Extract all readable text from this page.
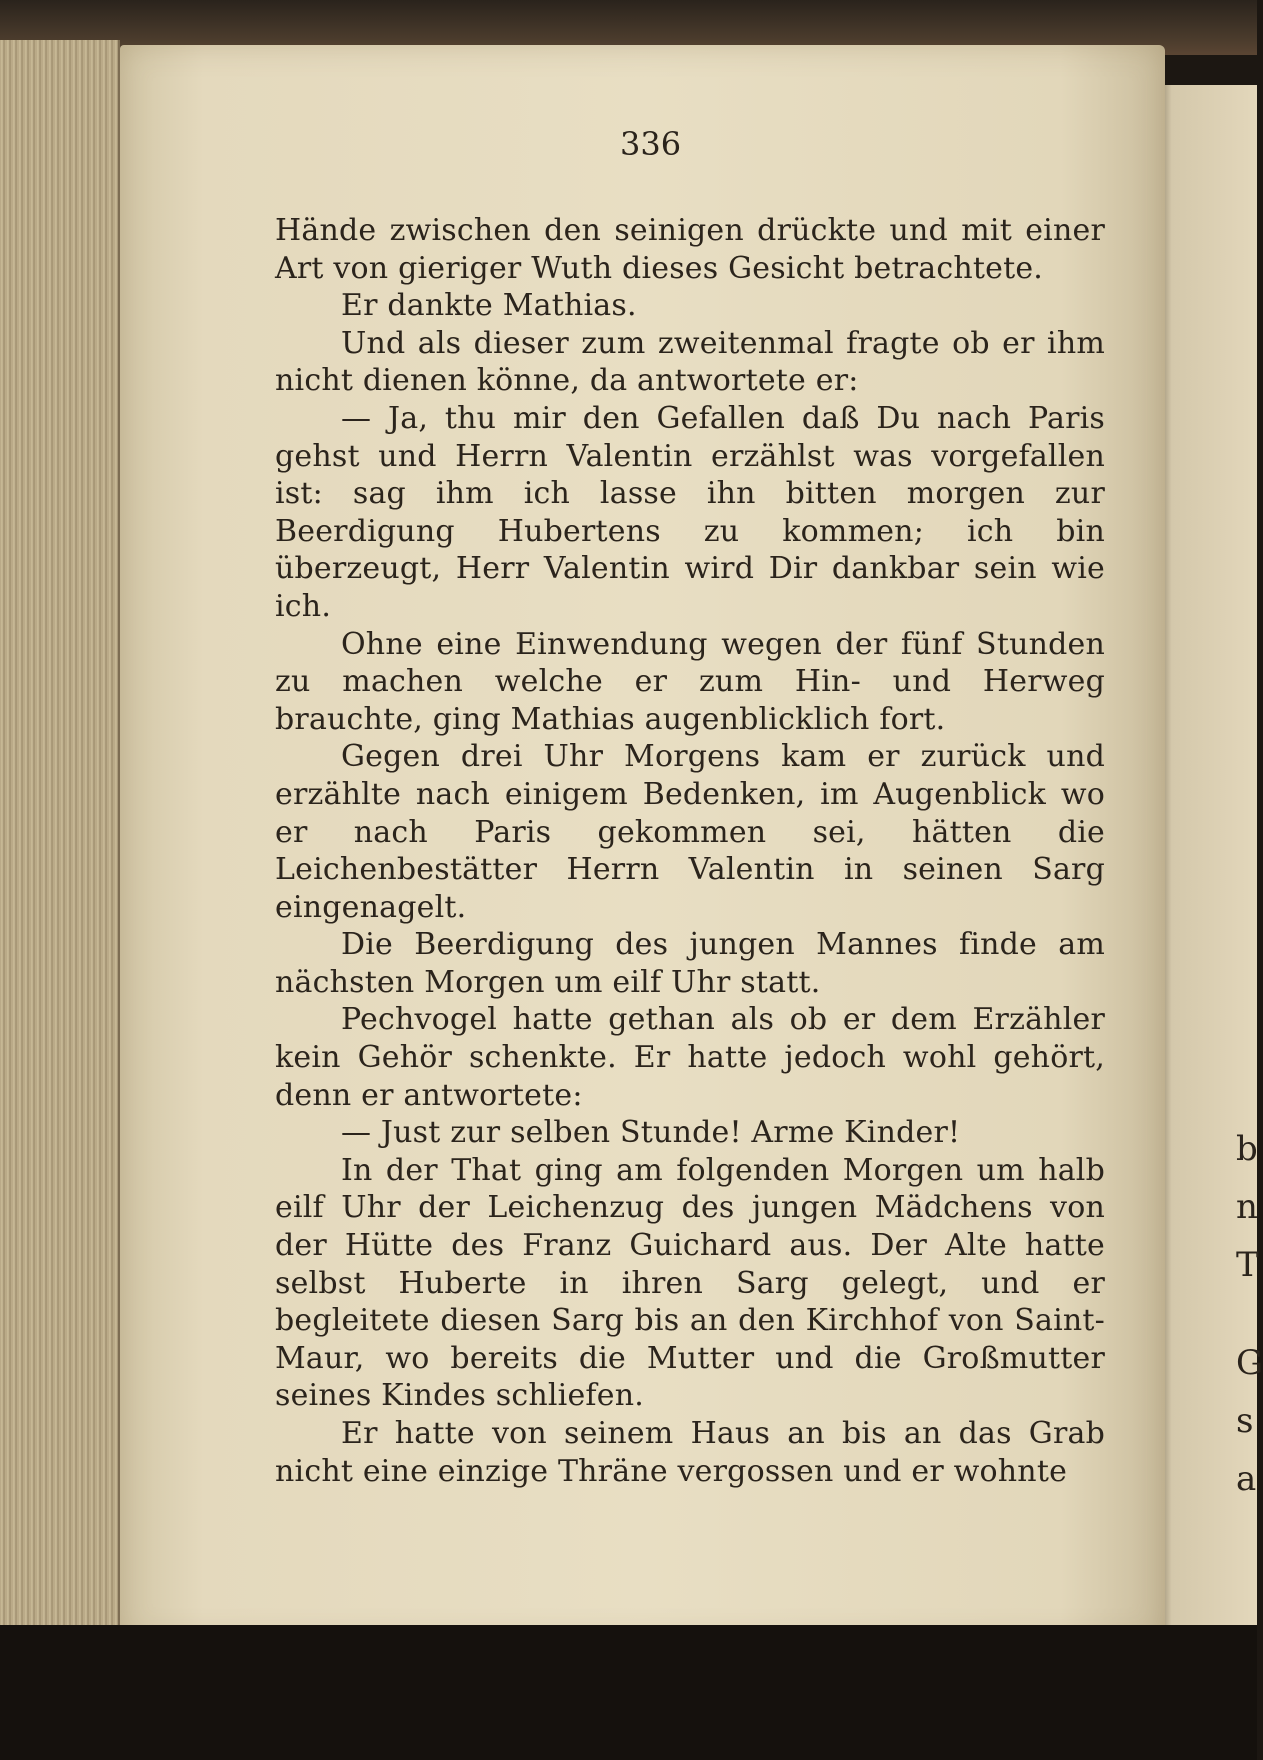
b
n
T
G
s
a
336

Hände zwischen den seinigen drückte und mit einer Art von gieriger Wuth dieses Gesicht betrachtete.

Er dankte Mathias.

Und als dieser zum zweitenmal fragte ob er ihm nicht dienen könne, da antwortete er:

— Ja, thu mir den Gefallen daß Du nach Paris gehst und Herrn Valentin erzählst was vorgefallen ist: sag ihm ich lasse ihn bitten morgen zur Beerdigung Hubertens zu kommen; ich bin überzeugt, Herr Valentin wird Dir dankbar sein wie ich.

Ohne eine Einwendung wegen der fünf Stunden zu machen welche er zum Hin- und Herweg brauchte, ging Mathias augenblicklich fort.

Gegen drei Uhr Morgens kam er zurück und erzählte nach einigem Bedenken, im Augenblick wo er nach Paris gekommen sei, hätten die Leichenbestätter Herrn Valentin in seinen Sarg eingenagelt.

Die Beerdigung des jungen Mannes finde am nächsten Morgen um eilf Uhr statt.

Pechvogel hatte gethan als ob er dem Erzähler kein Gehör schenkte. Er hatte jedoch wohl gehört, denn er antwortete:

— Just zur selben Stunde! Arme Kinder!

In der That ging am folgenden Morgen um halb eilf Uhr der Leichenzug des jungen Mädchens von der Hütte des Franz Guichard aus. Der Alte hatte selbst Huberte in ihren Sarg gelegt, und er begleitete diesen Sarg bis an den Kirchhof von Saint-Maur, wo bereits die Mutter und die Großmutter seines Kindes schliefen.

Er hatte von seinem Haus an bis an das Grab nicht eine einzige Thräne vergossen und er wohnte
